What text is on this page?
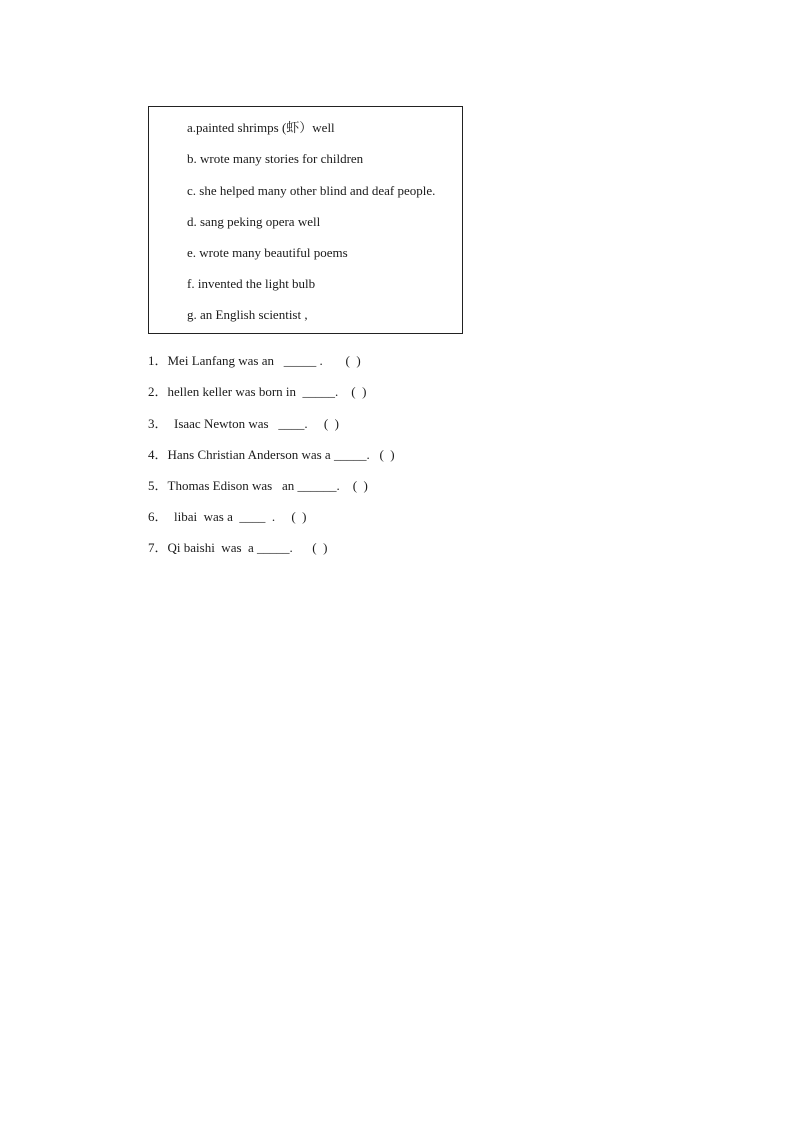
a.painted shrimps (虾）well
b. wrote many stories for children
c. she helped many other blind and deaf people.
d. sang peking opera well
e. wrote many beautiful poems
f. invented the light bulb
g. an English scientist ,
1．Mei Lanfang was an   _____ .       (  )
2．hellen keller was born in  _____.    (  )
3．  Isaac Newton was   ____.     (  )
4．Hans Christian Anderson was a _____.   (  )
5．Thomas Edison was   an ______.    (  )
6．  libai  was a  ____  .     (  )
7．Qi baishi  was  a _____.      (  )
